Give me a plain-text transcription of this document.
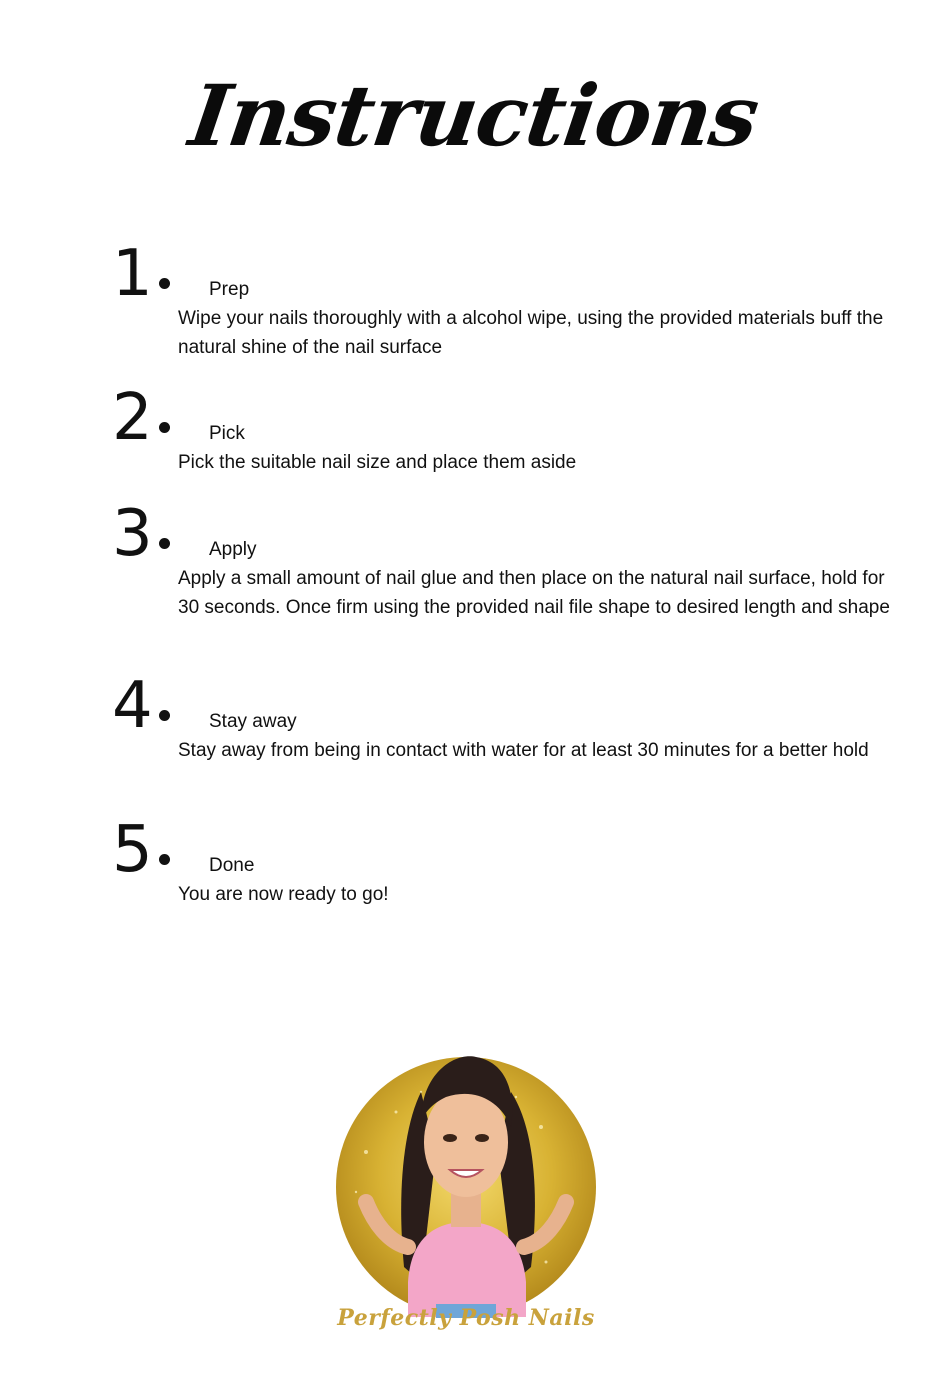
Instructions
1	Prep
Wipe your nails thoroughly with a alcohol wipe, using the provided materials buff the natural shine of the nail surface
2	Pick
Pick the suitable nail size and place them aside
3	Apply
Apply a small amount of nail glue and then place on the natural nail surface, hold for 30 seconds. Once firm using the provided nail file shape to desired length and shape
4	Stay away
Stay away from being in contact with water for at least 30 minutes for a better hold
5	Done
You are now ready to go!
Perfectly Posh Nails
